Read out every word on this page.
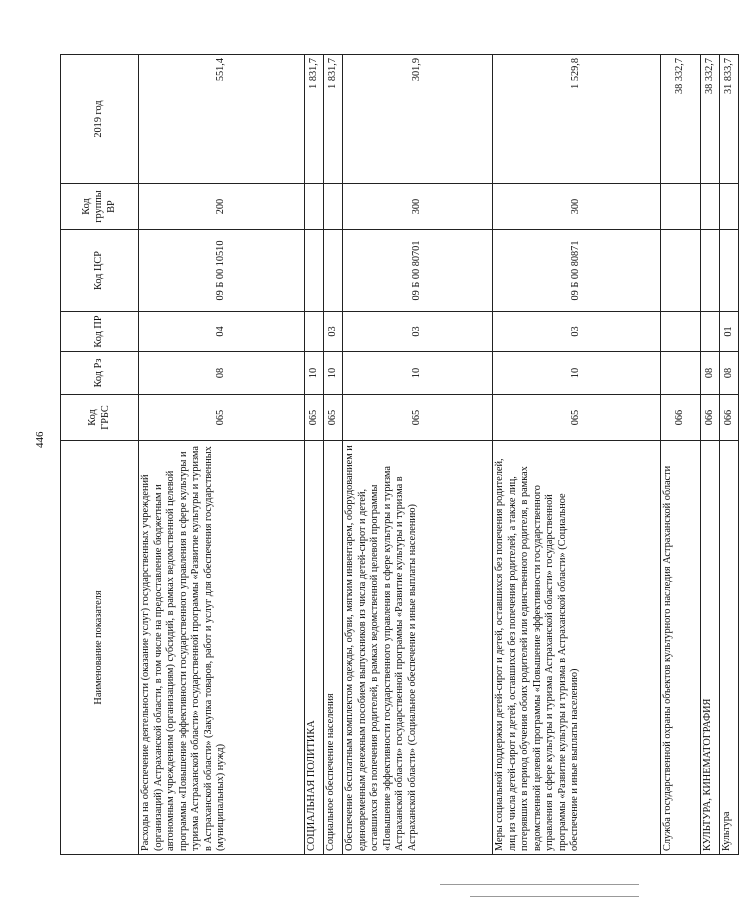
446
Наименование показателя	Код ГРБС	Код Рз	Код ПР	Код ЦСР	Код группы ВР	2019 год
Расходы на обеспечение деятельности (оказание услуг) государственных учреждений (организаций) Астраханской области, в том числе на предоставление бюджетным и автономным учреждениям (организациям) субсидий, в рамках ведомственной целевой программы «Повышение эффективности государственного управления в сфере культуры и туризма Астраханской области» государственной программы «Развитие культуры и туризма в Астраханской области» (Закупка товаров, работ и услуг для обеспечения государственных (муниципальных) нужд)	065	08	04	09 Б 00 10510	200	551,4
СОЦИАЛЬНАЯ ПОЛИТИКА	065	10				1 831,7
Социальное обеспечение населения	065	10	03			1 831,7
Обеспечение бесплатным комплектом одежды, обуви, мягким инвентарем, оборудованием и единовременным денежным пособием выпускников из числа детей-сирот и детей, оставшихся без попечения родителей, в рамках ведомственной целевой программы «Повышение эффективности государственного управления в сфере культуры и туризма Астраханской области» государственной программы «Развитие культуры и туризма в Астраханской области» (Социальное обеспечение и иные выплаты населению)	065	10	03	09 Б 00 80701	300	301,9
Меры социальной поддержки детей-сирот и детей, оставшихся без попечения родителей, лиц из числа детей-сирот и детей, оставшихся без попечения родителей, а также лиц, потерявших в период обучения обоих родителей или единственного родителя, в рамках ведомственной целевой программы «Повышение эффективности государственного управления в сфере культуры и туризма Астраханской области» государственной программы «Развитие культуры и туризма в Астраханской области» (Социальное обеспечение и иные выплаты населению)	065	10	03	09 Б 00 80871	300	1 529,8
Служба государственной охраны объектов культурного наследия Астраханской области	066					38 332,7
КУЛЬТУРА, КИНЕМАТОГРАФИЯ	066	08				38 332,7
Культура	066	08	01			31 833,7
